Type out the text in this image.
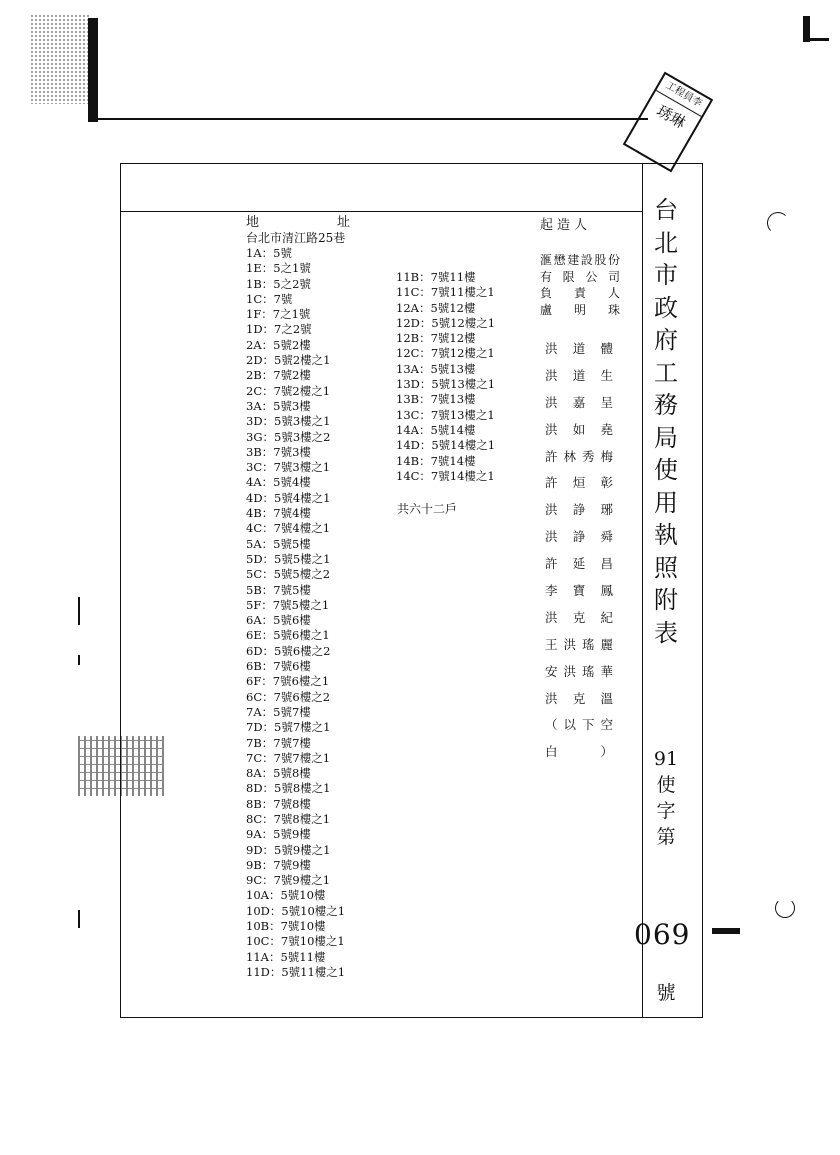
工程員李
琇琳
地	址
台北市清江路25巷
1A：5號
1E：5之1號
1B：5之2號
1C：7號
1F：7之1號
1D：7之2號
2A：5號2樓
2D：5號2樓之1
2B：7號2樓
2C：7號2樓之1
3A：5號3樓
3D：5號3樓之1
3G：5號3樓之2
3B：7號3樓
3C：7號3樓之1
4A：5號4樓
4D：5號4樓之1
4B：7號4樓
4C：7號4樓之1
5A：5號5樓
5D：5號5樓之1
5C：5號5樓之2
5B：7號5樓
5F：7號5樓之1
6A：5號6樓
6E：5號6樓之1
6D：5號6樓之2
6B：7號6樓
6F：7號6樓之1
6C：7號6樓之2
7A：5號7樓
7D：5號7樓之1
7B：7號7樓
7C：7號7樓之1
8A：5號8樓
8D：5號8樓之1
8B：7號8樓
8C：7號8樓之1
9A：5號9樓
9D：5號9樓之1
9B：7號9樓
9C：7號9樓之1
10A：5號10樓
10D：5號10樓之1
10B：7號10樓
10C：7號10樓之1
11A：5號11樓
11D：5號11樓之1
11B：7號11樓
11C：7號11樓之1
12A：5號12樓
12D：5號12樓之1
12B：7號12樓
12C：7號12樓之1
13A：5號13樓
13D：5號13樓之1
13B：7號13樓
13C：7號13樓之1
14A：5號14樓
14D：5號14樓之1
14B：7號14樓
14C：7號14樓之1
共六十二戶
起造人
滙懋建設股份
有限公司
負責人
盧明珠
洪道體
洪道生
洪嘉呈
洪如堯
許林秀梅
許烜彰
洪諍琊
洪諍舜
許延昌
李寶鳳
洪克紀
王洪瑤麗
安洪瑤華
洪克溫
（以下空白）
台
北
市
政
府
工
務
局
使
用
執
照
附
表
91
使
字
第
069
號
